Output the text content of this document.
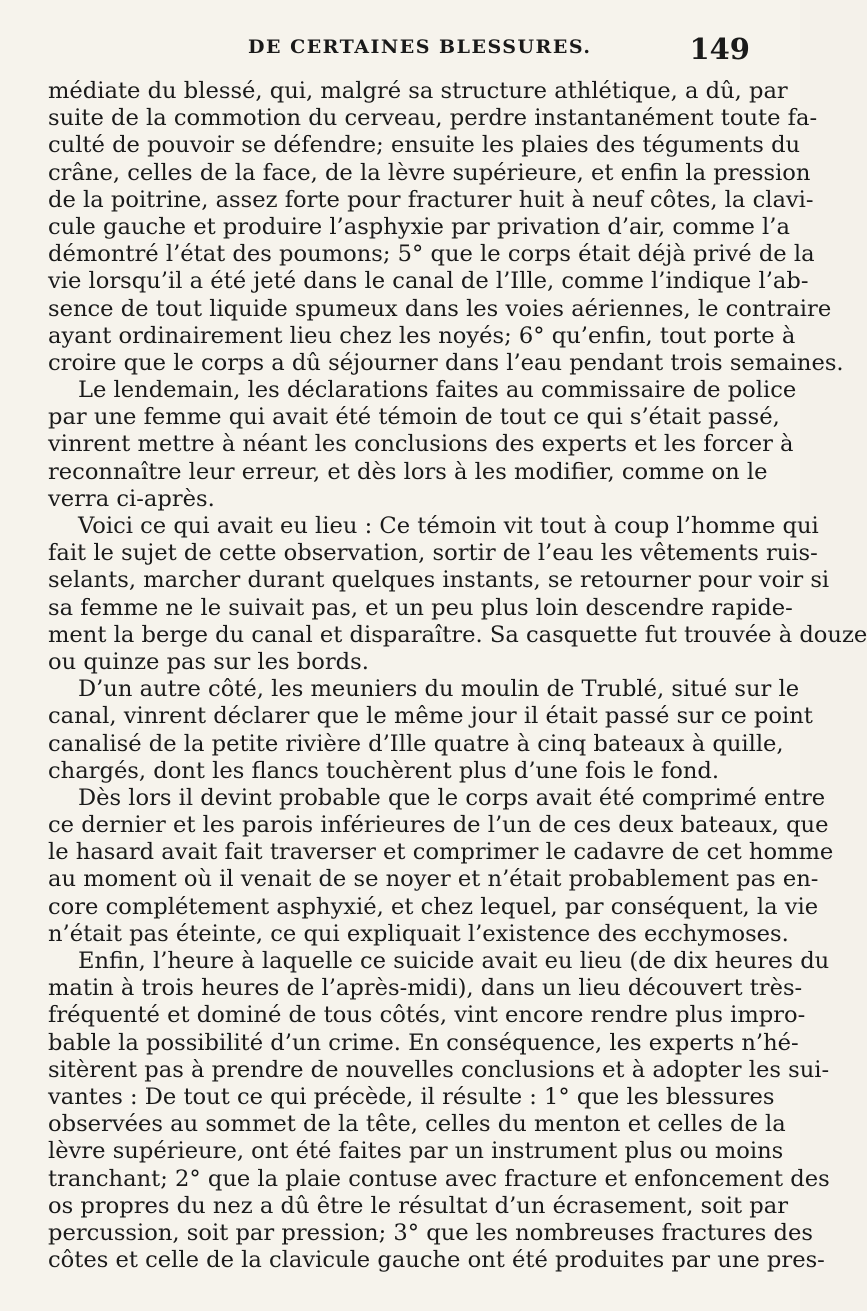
DE CERTAINES BLESSURES.	149
médiate du blessé, qui, malgré sa structure athlétique, a dû, par
suite de la commotion du cerveau, perdre instantanément toute fa-
culté de pouvoir se défendre; ensuite les plaies des téguments du
crâne, celles de la face, de la lèvre supérieure, et enfin la pression
de la poitrine, assez forte pour fracturer huit à neuf côtes, la clavi-
cule gauche et produire l’asphyxie par privation d’air, comme l’a
démontré l’état des poumons; 5° que le corps était déjà privé de la
vie lorsqu’il a été jeté dans le canal de l’Ille, comme l’indique l’ab-
sence de tout liquide spumeux dans les voies aériennes, le contraire
ayant ordinairement lieu chez les noyés; 6° qu’enfin, tout porte à
croire que le corps a dû séjourner dans l’eau pendant trois semaines.
Le lendemain, les déclarations faites au commissaire de police
par une femme qui avait été témoin de tout ce qui s’était passé,
vinrent mettre à néant les conclusions des experts et les forcer à
reconnaître leur erreur, et dès lors à les modifier, comme on le
verra ci-après.
Voici ce qui avait eu lieu : Ce témoin vit tout à coup l’homme qui
fait le sujet de cette observation, sortir de l’eau les vêtements ruis-
selants, marcher durant quelques instants, se retourner pour voir si
sa femme ne le suivait pas, et un peu plus loin descendre rapide-
ment la berge du canal et disparaître. Sa casquette fut trouvée à douze
ou quinze pas sur les bords.
D’un autre côté, les meuniers du moulin de Trublé, situé sur le
canal, vinrent déclarer que le même jour il était passé sur ce point
canalisé de la petite rivière d’Ille quatre à cinq bateaux à quille,
chargés, dont les flancs touchèrent plus d’une fois le fond.
Dès lors il devint probable que le corps avait été comprimé entre
ce dernier et les parois inférieures de l’un de ces deux bateaux, que
le hasard avait fait traverser et comprimer le cadavre de cet homme
au moment où il venait de se noyer et n’était probablement pas en-
core complétement asphyxié, et chez lequel, par conséquent, la vie
n’était pas éteinte, ce qui expliquait l’existence des ecchymoses.
Enfin, l’heure à laquelle ce suicide avait eu lieu (de dix heures du
matin à trois heures de l’après-midi), dans un lieu découvert très-
fréquenté et dominé de tous côtés, vint encore rendre plus impro-
bable la possibilité d’un crime. En conséquence, les experts n’hé-
sitèrent pas à prendre de nouvelles conclusions et à adopter les sui-
vantes : De tout ce qui précède, il résulte : 1° que les blessures
observées au sommet de la tête, celles du menton et celles de la
lèvre supérieure, ont été faites par un instrument plus ou moins
tranchant; 2° que la plaie contuse avec fracture et enfoncement des
os propres du nez a dû être le résultat d’un écrasement, soit par
percussion, soit par pression; 3° que les nombreuses fractures des
côtes et celle de la clavicule gauche ont été produites par une pres-
